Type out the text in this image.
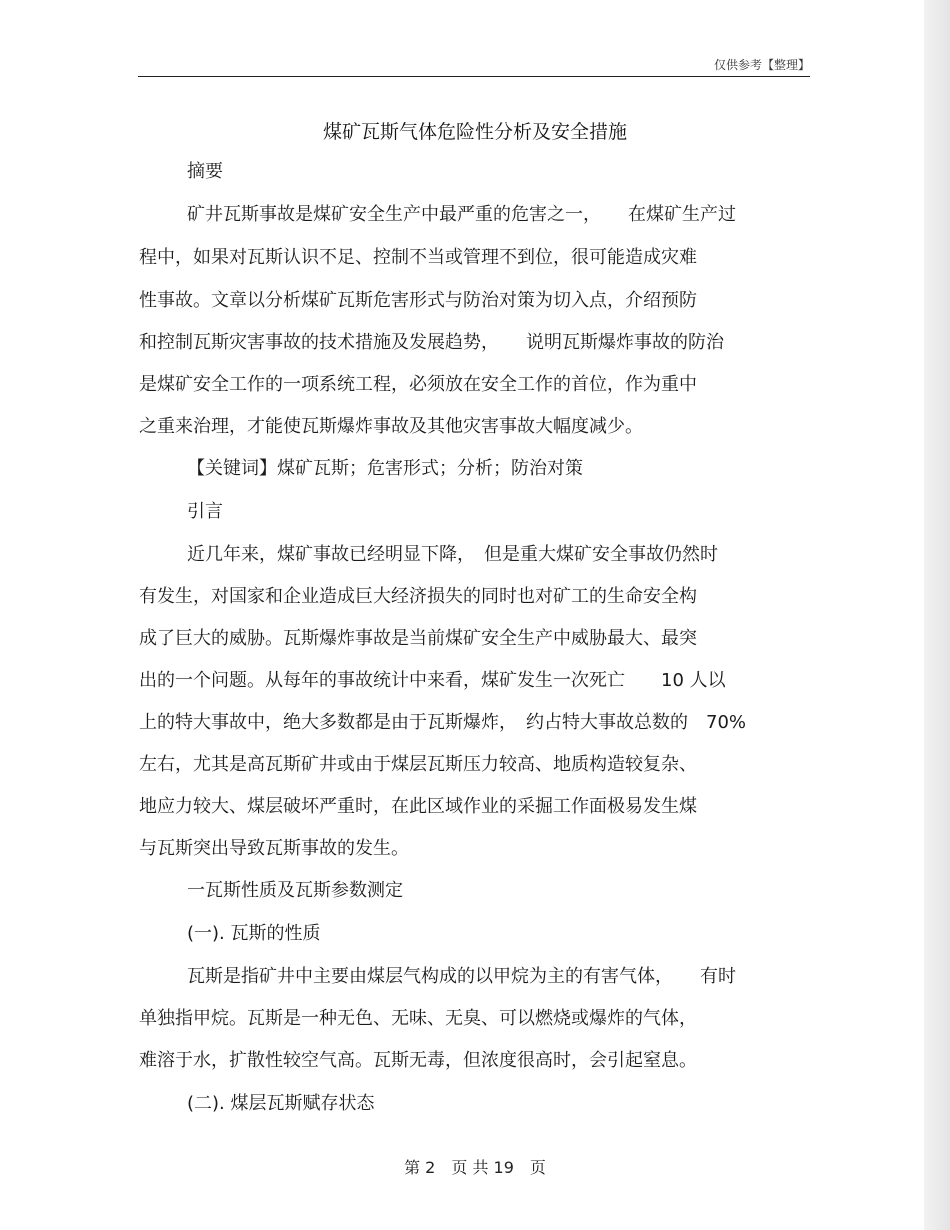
仅供参考【整理】
煤矿瓦斯气体危险性分析及安全措施
摘要
矿井瓦斯事故是煤矿安全生产中最严重的危害之一，　　在煤矿生产过
程中，如果对瓦斯认识不足、控制不当或管理不到位，很可能造成灾难
性事故。文章以分析煤矿瓦斯危害形式与防治对策为切入点，介绍预防
和控制瓦斯灾害事故的技术措施及发展趋势，　　说明瓦斯爆炸事故的防治
是煤矿安全工作的一项系统工程，必须放在安全工作的首位，作为重中
之重来治理，才能使瓦斯爆炸事故及其他灾害事故大幅度减少。
【关键词】煤矿瓦斯；危害形式；分析；防治对策
引言
近几年来，煤矿事故已经明显下降，　但是重大煤矿安全事故仍然时
有发生，对国家和企业造成巨大经济损失的同时也对矿工的生命安全构
成了巨大的威胁。瓦斯爆炸事故是当前煤矿安全生产中威胁最大、最突
出的一个问题。从每年的事故统计中来看，煤矿发生一次死亡　　10 人以
上的特大事故中，绝大多数都是由于瓦斯爆炸，　约占特大事故总数的　70%
左右，尤其是高瓦斯矿井或由于煤层瓦斯压力较高、地质构造较复杂、
地应力较大、煤层破坏严重时，在此区域作业的采掘工作面极易发生煤
与瓦斯突出导致瓦斯事故的发生。
一瓦斯性质及瓦斯参数测定
(一). 瓦斯的性质
瓦斯是指矿井中主要由煤层气构成的以甲烷为主的有害气体，　　有时
单独指甲烷。瓦斯是一种无色、无味、无臭、可以燃烧或爆炸的气体，
难溶于水，扩散性较空气高。瓦斯无毒，但浓度很高时，会引起窒息。
(二). 煤层瓦斯赋存状态
第 2　页 共 19　页
